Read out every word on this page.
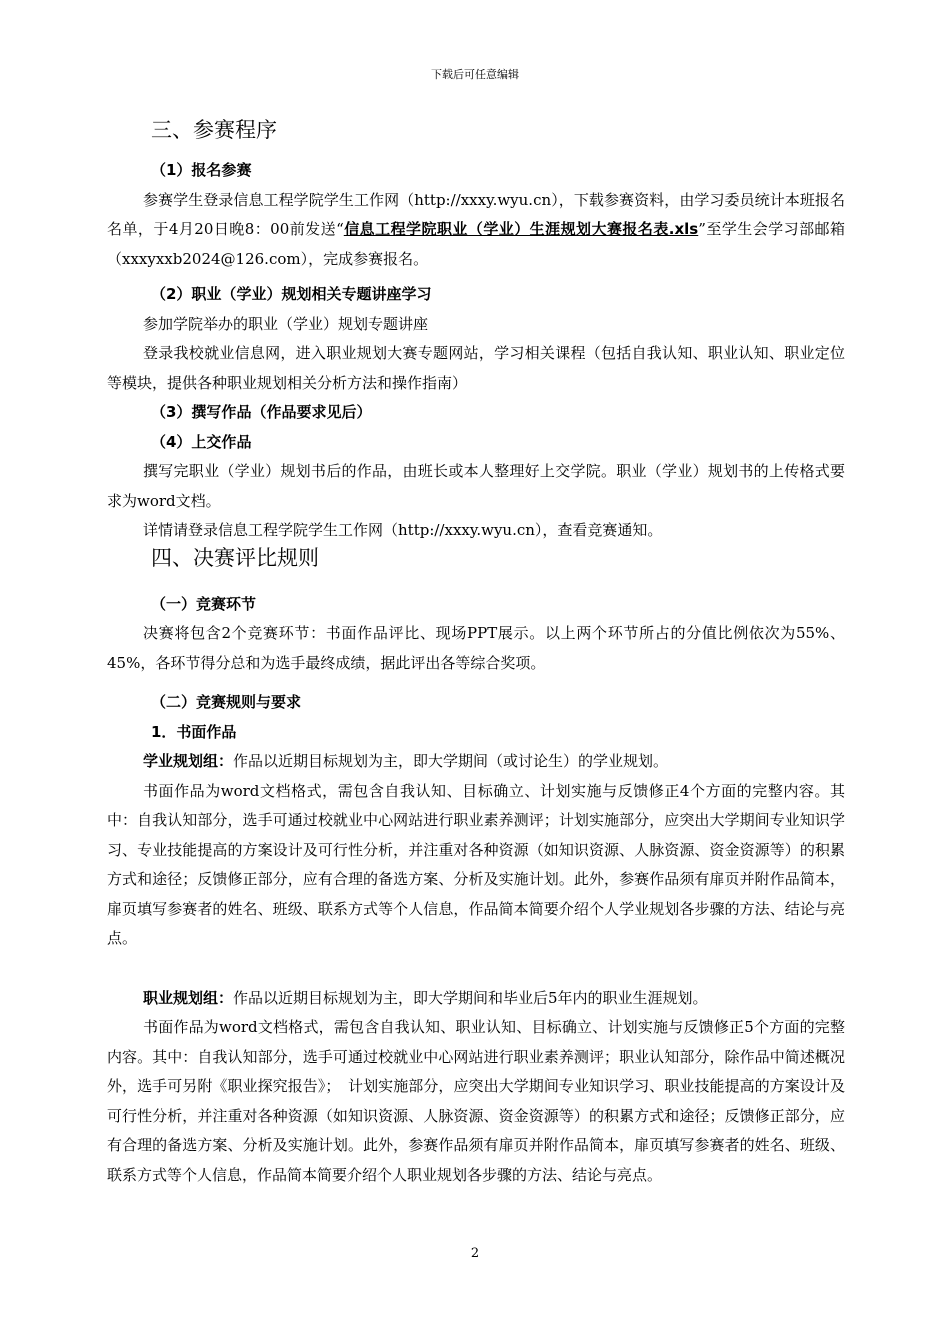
下载后可任意编辑
三、参赛程序
（1）报名参赛

参赛学生登录信息工程学院学生工作网（http://xxxy.wyu.cn），下载参赛资料，由学习委员统计本班报名名单，于4月20日晚8：00前发送“信息工程学院职业（学业）生涯规划大赛报名表.xls”至学生会学习部邮箱（xxxyxxb2024@126.com），完成参赛报名。

（2）职业（学业）规划相关专题讲座学习

参加学院举办的职业（学业）规划专题讲座

登录我校就业信息网，进入职业规划大赛专题网站，学习相关课程（包括自我认知、职业认知、职业定位等模块，提供各种职业规划相关分析方法和操作指南）

（3）撰写作品（作品要求见后）
（4）上交作品

撰写完职业（学业）规划书后的作品，由班长或本人整理好上交学院。职业（学业）规划书的上传格式要求为word文档。

详情请登录信息工程学院学生工作网（http://xxxy.wyu.cn），查看竞赛通知。

四、决赛评比规则
（一）竞赛环节

决赛将包含2个竞赛环节：书面作品评比、现场PPT展示。以上两个环节所占的分值比例依次为55%、45%，各环节得分总和为选手最终成绩，据此评出各等综合奖项。

（二）竞赛规则与要求
1．书面作品

学业规划组：作品以近期目标规划为主，即大学期间（或讨论生）的学业规划。

书面作品为word文档格式，需包含自我认知、目标确立、计划实施与反馈修正4个方面的完整内容。其中：自我认知部分，选手可通过校就业中心网站进行职业素养测评；计划实施部分，应突出大学期间专业知识学习、专业技能提高的方案设计及可行性分析，并注重对各种资源（如知识资源、人脉资源、资金资源等）的积累方式和途径；反馈修正部分，应有合理的备选方案、分析及实施计划。此外，参赛作品须有扉页并附作品简本，扉页填写参赛者的姓名、班级、联系方式等个人信息，作品简本简要介绍个人学业规划各步骤的方法、结论与亮点。

职业规划组：作品以近期目标规划为主，即大学期间和毕业后5年内的职业生涯规划。

书面作品为word文档格式，需包含自我认知、职业认知、目标确立、计划实施与反馈修正5个方面的完整内容。其中：自我认知部分，选手可通过校就业中心网站进行职业素养测评；职业认知部分，除作品中简述概况外，选手可另附《职业探究报告》；　计划实施部分，应突出大学期间专业知识学习、职业技能提高的方案设计及可行性分析，并注重对各种资源（如知识资源、人脉资源、资金资源等）的积累方式和途径；反馈修正部分，应有合理的备选方案、分析及实施计划。此外，参赛作品须有扉页并附作品简本，扉页填写参赛者的姓名、班级、联系方式等个人信息，作品简本简要介绍个人职业规划各步骤的方法、结论与亮点。

2
